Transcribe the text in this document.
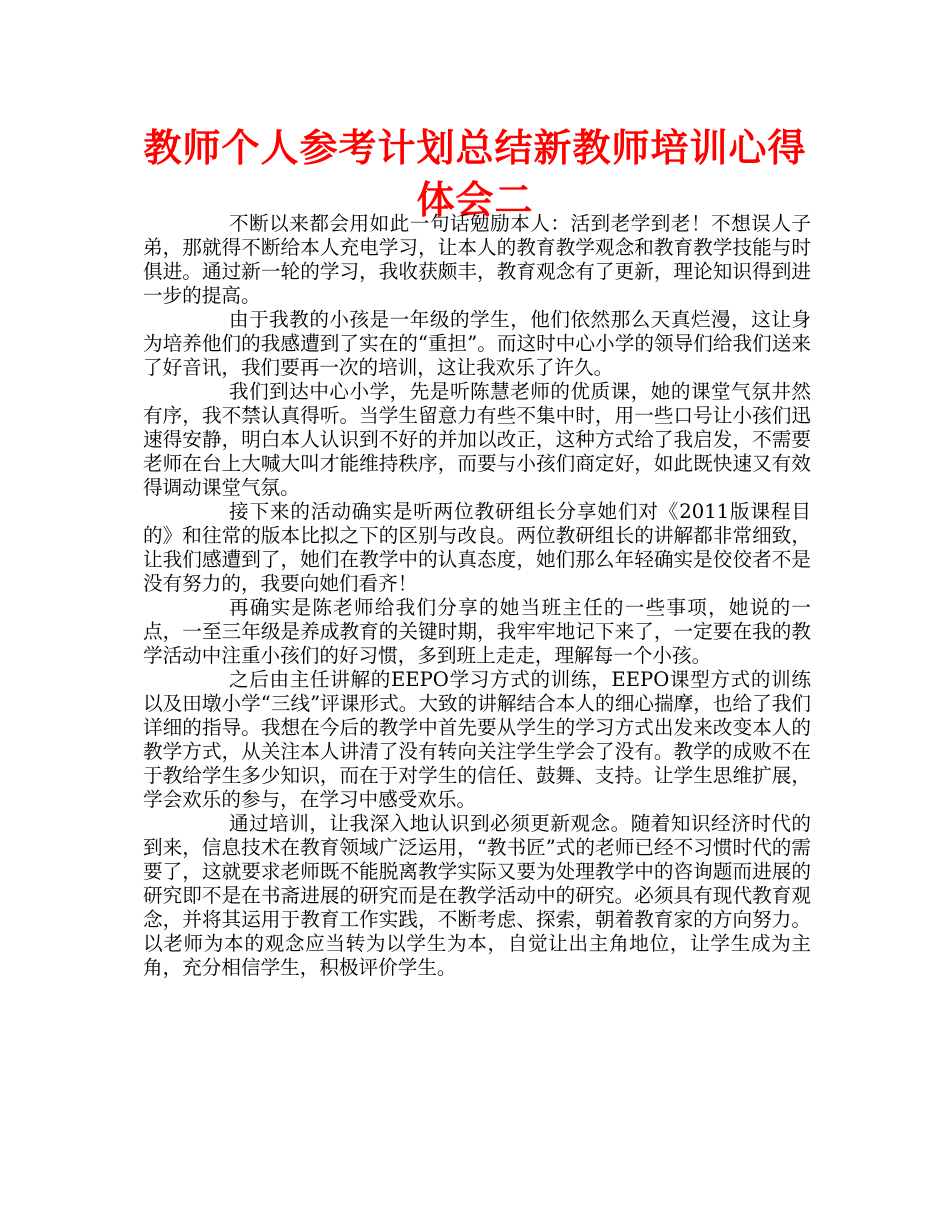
教师个人参考计划总结新教师培训心得体会二

不断以来都会用如此一句话勉励本人：活到老学到老！不想误人子弟，那就得不断给本人充电学习，让本人的教育教学观念和教育教学技能与时俱进。通过新一轮的学习，我收获颇丰，教育观念有了更新，理论知识得到进一步的提高。

由于我教的小孩是一年级的学生，他们依然那么天真烂漫，这让身为培养他们的我感遭到了实在的“重担”。而这时中心小学的领导们给我们送来了好音讯，我们要再一次的培训，这让我欢乐了许久。

我们到达中心小学，先是听陈慧老师的优质课，她的课堂气氛井然有序，我不禁认真得听。当学生留意力有些不集中时，用一些口号让小孩们迅速得安静，明白本人认识到不好的并加以改正，这种方式给了我启发，不需要老师在台上大喊大叫才能维持秩序，而要与小孩们商定好，如此既快速又有效得调动课堂气氛。

接下来的活动确实是听两位教研组长分享她们对《2011版课程目的》和往常的版本比拟之下的区别与改良。两位教研组长的讲解都非常细致，让我们感遭到了，她们在教学中的认真态度，她们那么年轻确实是佼佼者不是没有努力的，我要向她们看齐！

再确实是陈老师给我们分享的她当班主任的一些事项，她说的一点，一至三年级是养成教育的关键时期，我牢牢地记下来了，一定要在我的教学活动中注重小孩们的好习惯，多到班上走走，理解每一个小孩。

之后由主任讲解的EEPO学习方式的训练，EEPO课型方式的训练以及田墩小学“三线”评课形式。大致的讲解结合本人的细心揣摩，也给了我们详细的指导。我想在今后的教学中首先要从学生的学习方式出发来改变本人的教学方式，从关注本人讲清了没有转向关注学生学会了没有。教学的成败不在于教给学生多少知识，而在于对学生的信任、鼓舞、支持。让学生思维扩展，学会欢乐的参与，在学习中感受欢乐。

通过培训，让我深入地认识到必须更新观念。随着知识经济时代的到来，信息技术在教育领域广泛运用，“教书匠”式的老师已经不习惯时代的需要了，这就要求老师既不能脱离教学实际又要为处理教学中的咨询题而进展的研究即不是在书斋进展的研究而是在教学活动中的研究。必须具有现代教育观念，并将其运用于教育工作实践，不断考虑、探索，朝着教育家的方向努力。以老师为本的观念应当转为以学生为本，自觉让出主角地位，让学生成为主角，充分相信学生，积极评价学生。
